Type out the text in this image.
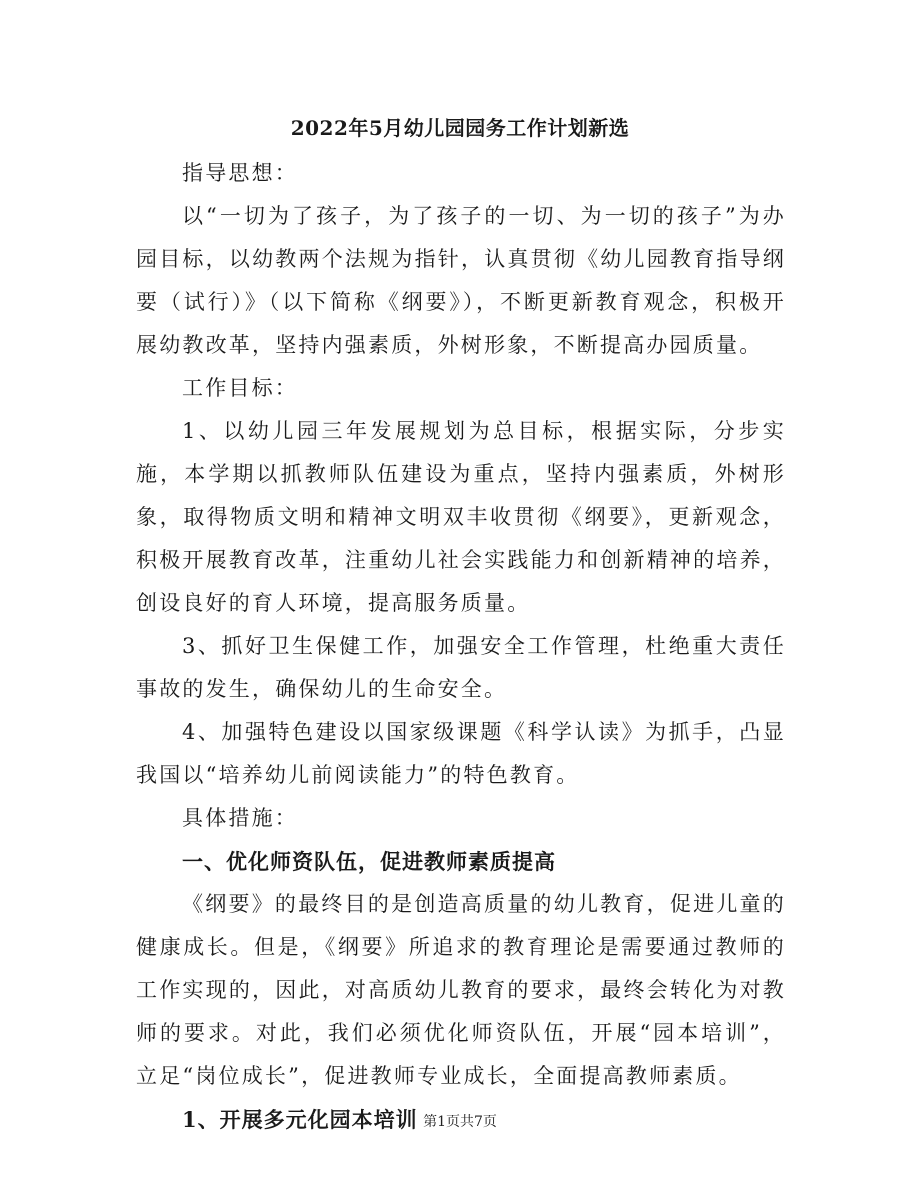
2022年5月幼儿园园务工作计划新选

指导思想：

以“一切为了孩子，为了孩子的一切、为一切的孩子”为办园目标，以幼教两个法规为指针，认真贯彻《幼儿园教育指导纲要（试行）》（以下简称《纲要》），不断更新教育观念，积极开展幼教改革，坚持内强素质，外树形象，不断提高办园质量。

工作目标：

1、以幼儿园三年发展规划为总目标，根据实际，分步实施，本学期以抓教师队伍建设为重点，坚持内强素质，外树形象，取得物质文明和精神文明双丰收贯彻《纲要》，更新观念，积极开展教育改革，注重幼儿社会实践能力和创新精神的培养，创设良好的育人环境，提高服务质量。

3、抓好卫生保健工作，加强安全工作管理，杜绝重大责任事故的发生，确保幼儿的生命安全。

4、加强特色建设以国家级课题《科学认读》为抓手，凸显我国以“培养幼儿前阅读能力”的特色教育。

具体措施：

一、优化师资队伍，促进教师素质提高

《纲要》的最终目的是创造高质量的幼儿教育，促进儿童的健康成长。但是，《纲要》所追求的教育理论是需要通过教师的工作实现的，因此，对高质幼儿教育的要求，最终会转化为对教师的要求。对此，我们必须优化师资队伍，开展“园本培训”，立足“岗位成长”，促进教师专业成长，全面提高教师素质。

1、开展多元化园本培训 第1页共7页
